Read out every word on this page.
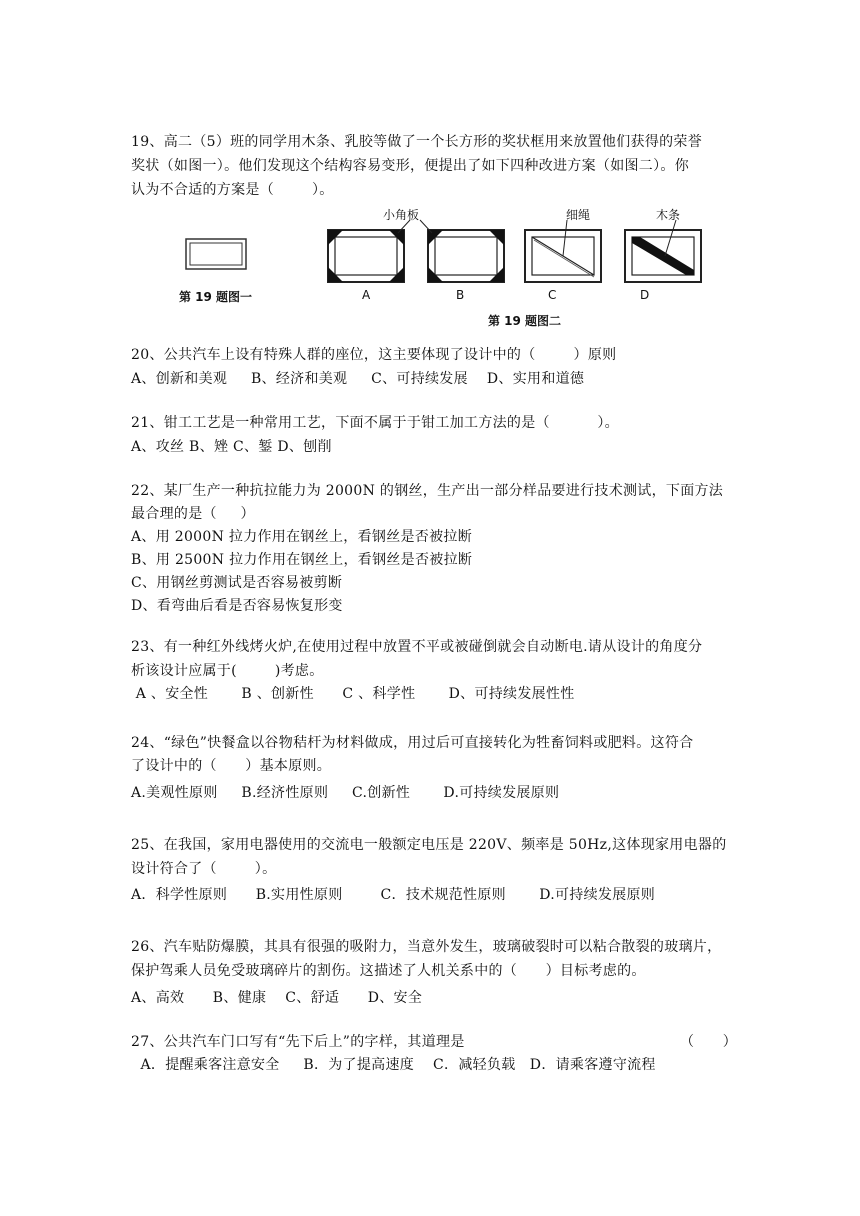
19、高二（5）班的同学用木条、乳胶等做了一个长方形的奖状框用来放置他们获得的荣誉
奖状（如图一）。他们发现这个结构容易变形，便提出了如下四种改进方案（如图二）。你
认为不合适的方案是（        ）。
小角板	细绳	木条
A	B	C	D
第 19 题图一
第 19 题图二
20、公共汽车上设有特殊人群的座位，这主要体现了设计中的（        ）原则
A、创新和美观     B、经济和美观     C、可持续发展    D、实用和道德
21、钳工工艺是一种常用工艺，下面不属于于钳工加工方法的是（          ）。
A、攻丝 B、矬 C、錾 D、刨削
22、某厂生产一种抗拉能力为 2000N 的钢丝，生产出一部分样品要进行技术测试，下面方法
最合理的是（     ）
A、用 2000N 拉力作用在钢丝上，看钢丝是否被拉断
B、用 2500N 拉力作用在钢丝上，看钢丝是否被拉断
C、用钢丝剪测试是否容易被剪断
D、看弯曲后看是否容易恢复形变
23、有一种红外线烤火炉,在使用过程中放置不平或被碰倒就会自动断电.请从设计的角度分
析该设计应属于(        )考虑。
A 、安全性       B 、创新性      C 、科学性       D、可持续发展性性
24、“绿色”快餐盒以谷物秸杆为材料做成，用过后可直接转化为牲畜饲料或肥料。这符合
了设计中的（      ）基本原则。
A.美观性原则     B.经济性原则     C.创新性       D.可持续发展原则
25、在我国，家用电器使用的交流电一般额定电压是 220V、频率是 50Hz,这体现家用电器的
设计符合了（        ）。
A．科学性原则      B.实用性原则        C．技术规范性原则       D.可持续发展原则
26、汽车贴防爆膜，其具有很强的吸附力，当意外发生，玻璃破裂时可以粘合散裂的玻璃片，
保护驾乘人员免受玻璃碎片的割伤。这描述了人机关系中的（      ）目标考虑的。
A、高效      B、健康    C、舒适      D、安全
27、公共汽车门口写有“先下后上”的字样，其道理是	（      ）
A．提醒乘客注意安全     B．为了提高速度    C．减轻负载   D．请乘客遵守流程
